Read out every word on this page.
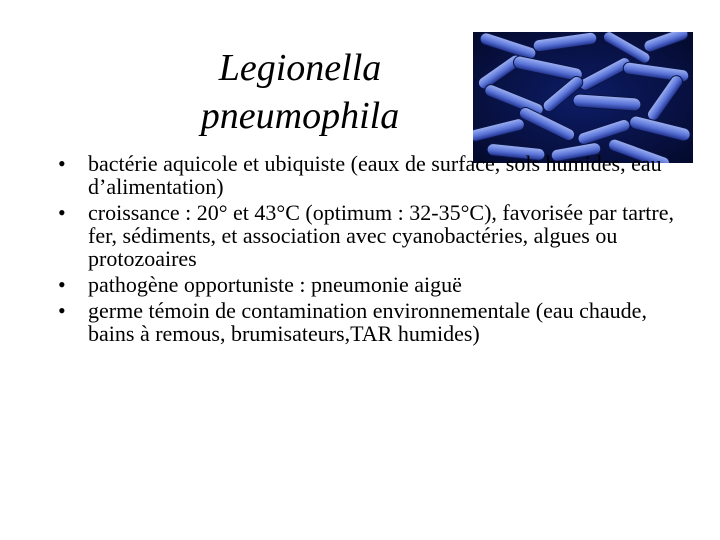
Legionella
pneumophila
•	bactérie aquicole et ubiquiste (eaux de surface, sols humides, eau d’alimentation)
•	croissance : 20° et 43°C (optimum : 32-35°C), favorisée par tartre, fer, sédiments, et association avec cyanobactéries, algues ou protozoaires
•	pathogène opportuniste : pneumonie aiguë
•	germe témoin de contamination environnementale (eau chaude, bains à remous, brumisateurs,TAR humides)
